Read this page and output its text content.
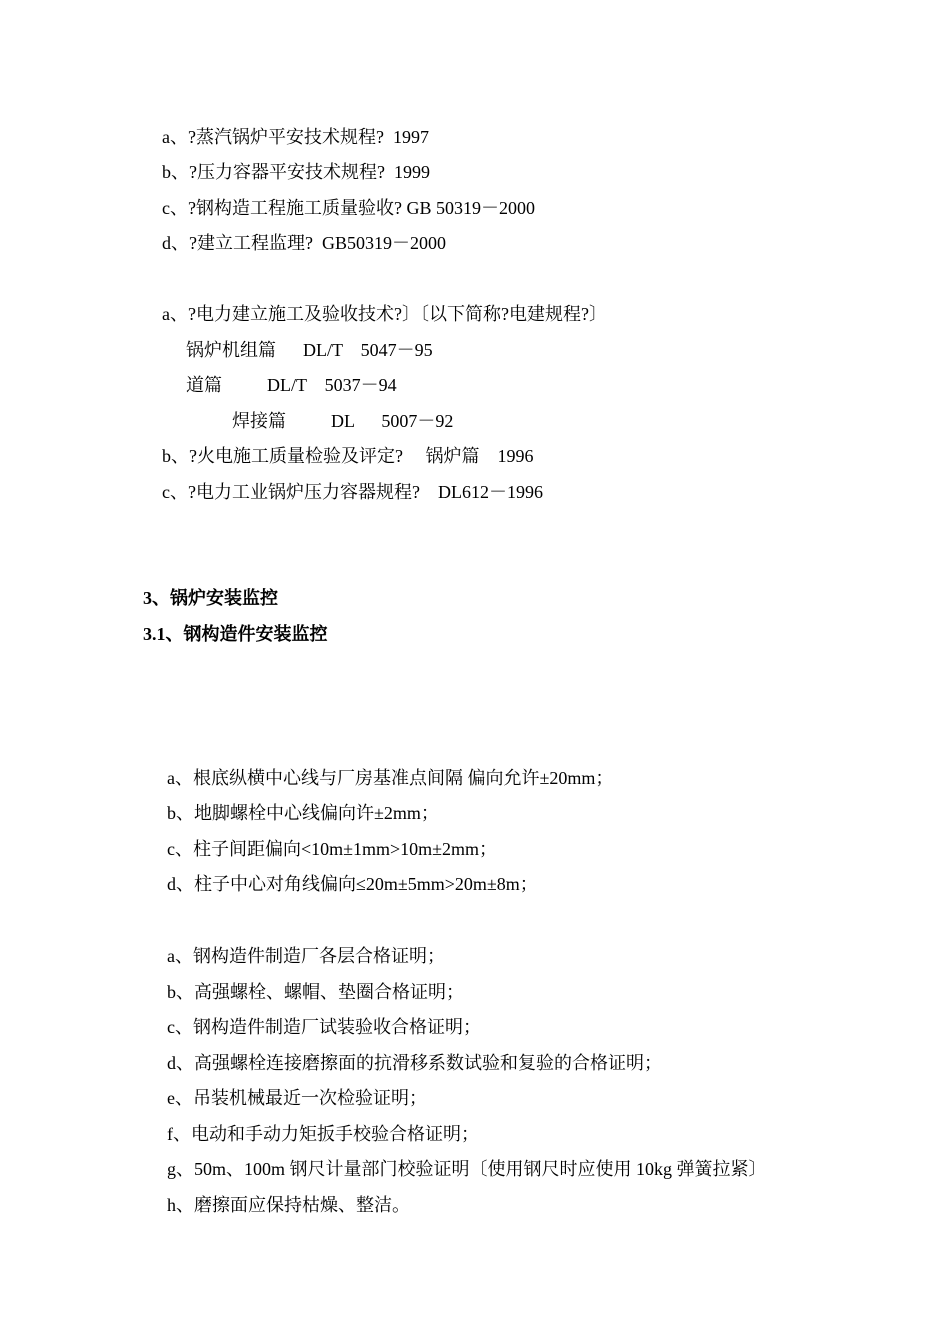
a、?蒸汽锅炉平安技术规程?  1997
b、?压力容器平安技术规程?  1999
c、?钢构造工程施工质量验收? GB 50319－2000
d、?建立工程监理?  GB50319－2000
a、?电力建立施工及验收技术?〕〔以下简称?电建规程?〕
锅炉机组篇      DL/T    5047－95
道篇          DL/T    5037－94
焊接篇          DL      5007－92
b、?火电施工质量检验及评定?     锅炉篇    1996
c、?电力工业锅炉压力容器规程?    DL612－1996
3、锅炉安装监控
3.1、钢构造件安装监控
a、根底纵横中心线与厂房基准点间隔 偏向允许±20mm；
b、地脚螺栓中心线偏向许±2mm；
c、柱子间距偏向<10m±1mm>10m±2mm；
d、柱子中心对角线偏向≤20m±5mm>20m±8m；
a、钢构造件制造厂各层合格证明；
b、高强螺栓、螺帽、垫圈合格证明；
c、钢构造件制造厂试装验收合格证明；
d、高强螺栓连接磨擦面的抗滑移系数试验和复验的合格证明；
e、吊装机械最近一次检验证明；
f、电动和手动力矩扳手校验合格证明；
g、50m、100m 钢尺计量部门校验证明〔使用钢尺时应使用 10kg 弹簧拉紧〕
h、磨擦面应保持枯燥、整洁。
